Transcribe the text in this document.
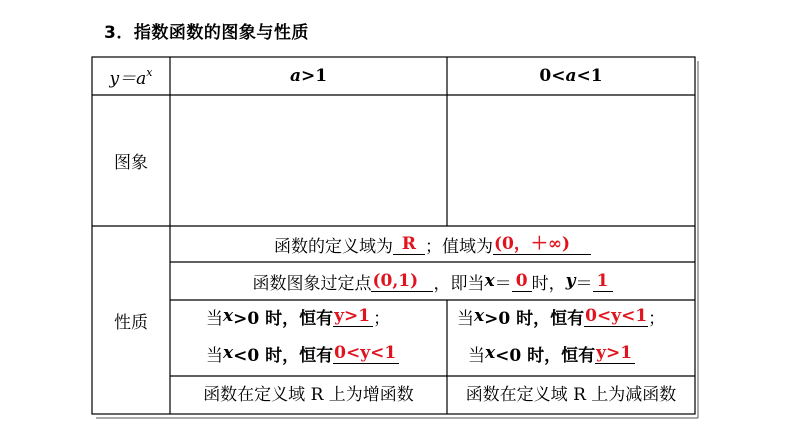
3．指数函数的图象与性质
$y=a^x$	a>1	0<a<1
图象
性质
函数的定义域为 R ；值域为 (0，＋∞)
函数图象过定点 (0,1) ，即当 x ＝ 0 时， y ＝ 1
当 x >0 时，恒有 y>1 ；
当 x <0 时，恒有 0<y<1
函数在定义域 R 上为增函数
当 x >0 时，恒有 0<y<1 ；
当 x <0 时，恒有 y>1
函数在定义域 R 上为减函数
